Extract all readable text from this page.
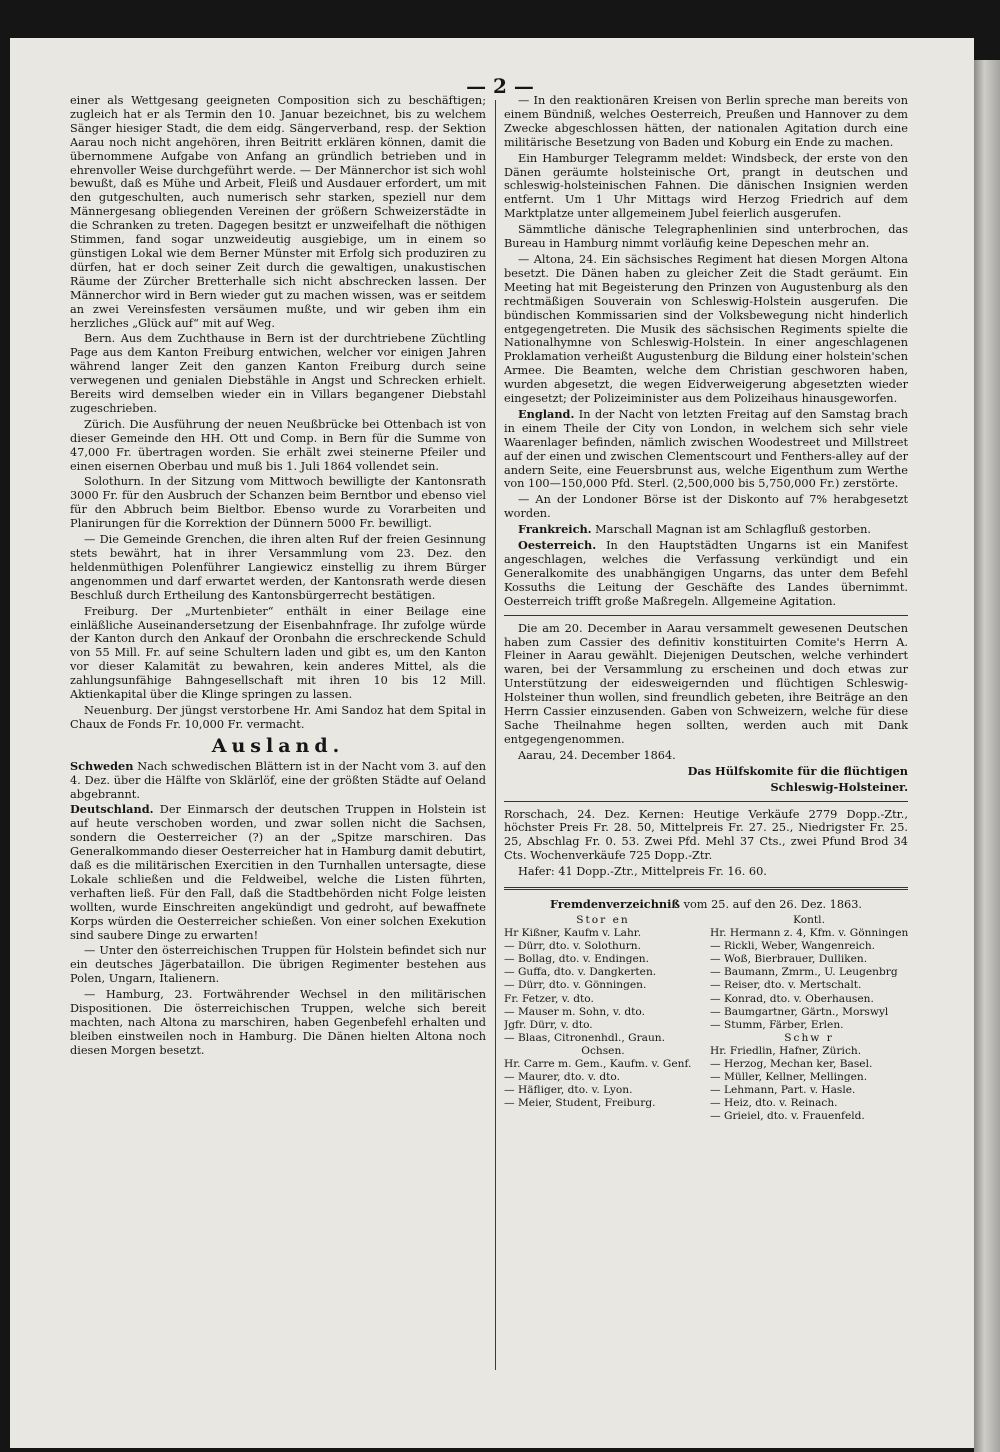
— 2 —

einer als Wettgesang geeigneten Composition sich zu beschäftigen; zugleich hat er als Termin den 10. Januar bezeichnet, bis zu welchem Sänger hiesiger Stadt, die dem eidg. Sängerverband, resp. der Sektion Aarau noch nicht angehören, ihren Beitritt erklären können, damit die übernommene Aufgabe von Anfang an gründlich betrieben und in ehrenvoller Weise durchgeführt werde. — Der Männerchor ist sich wohl bewußt, daß es Mühe und Arbeit, Fleiß und Ausdauer erfordert, um mit den gutgeschulten, auch numerisch sehr starken, speziell nur dem Männergesang obliegenden Vereinen der größern Schweizerstädte in die Schranken zu treten. Dagegen besitzt er unzweifelhaft die nöthigen Stimmen, fand sogar unzweideutig ausgiebige, um in einem so günstigen Lokal wie dem Berner Münster mit Erfolg sich produziren zu dürfen, hat er doch seiner Zeit durch die gewaltigen, unakustischen Räume der Zürcher Bretterhalle sich nicht abschrecken lassen. Der Männerchor wird in Bern wieder gut zu machen wissen, was er seitdem an zwei Vereinsfesten versäumen mußte, und wir geben ihm ein herzliches „Glück auf“ mit auf Weg.

Bern. Aus dem Zuchthause in Bern ist der durchtriebene Züchtling Page aus dem Kanton Freiburg entwichen, welcher vor einigen Jahren während langer Zeit den ganzen Kanton Freiburg durch seine verwegenen und genialen Diebstähle in Angst und Schrecken erhielt. Bereits wird demselben wieder ein in Villars begangener Diebstahl zugeschrieben.

Zürich. Die Ausführung der neuen Neußbrücke bei Ottenbach ist von dieser Gemeinde den HH. Ott und Comp. in Bern für die Summe von 47,000 Fr. übertragen worden. Sie erhält zwei steinerne Pfeiler und einen eisernen Oberbau und muß bis 1. Juli 1864 vollendet sein.

Solothurn. In der Sitzung vom Mittwoch bewilligte der Kantonsrath 3000 Fr. für den Ausbruch der Schanzen beim Berntbor und ebenso viel für den Abbruch beim Bieltbor. Ebenso wurde zu Vorarbeiten und Planirungen für die Korrektion der Dünnern 5000 Fr. bewilligt.

— Die Gemeinde Grenchen, die ihren alten Ruf der freien Gesinnung stets bewährt, hat in ihrer Versammlung vom 23. Dez. den heldenmüthigen Polenführer Langiewicz einstellig zu ihrem Bürger angenommen und darf erwartet werden, der Kantonsrath werde diesen Beschluß durch Ertheilung des Kantonsbürgerrecht bestätigen.

Freiburg. Der „Murtenbieter“ enthält in einer Beilage eine einläßliche Auseinandersetzung der Eisenbahnfrage. Ihr zufolge würde der Kanton durch den Ankauf der Oronbahn die erschreckende Schuld von 55 Mill. Fr. auf seine Schultern laden und gibt es, um den Kanton vor dieser Kalamität zu bewahren, kein anderes Mittel, als die zahlungsunfähige Bahngesellschaft mit ihren 10 bis 12 Mill. Aktienkapital über die Klinge springen zu lassen.

Neuenburg. Der jüngst verstorbene Hr. Ami Sandoz hat dem Spital in Chaux de Fonds Fr. 10,000 Fr. vermacht.

Ausland.

Schweden Nach schwedischen Blättern ist in der Nacht vom 3. auf den 4. Dez. über die Hälfte von Sklärlöf, eine der größten Städte auf Oeland abgebrannt.

Deutschland. Der Einmarsch der deutschen Truppen in Holstein ist auf heute verschoben worden, und zwar sollen nicht die Sachsen, sondern die Oesterreicher (?) an der „Spitze marschiren. Das Generalkommando dieser Oesterreicher hat in Hamburg damit debutirt, daß es die militärischen Exercitien in den Turnhallen untersagte, diese Lokale schließen und die Feldweibel, welche die Listen führten, verhaften ließ. Für den Fall, daß die Stadtbehörden nicht Folge leisten wollten, wurde Einschreiten angekündigt und gedroht, auf bewaffnete Korps würden die Oesterreicher schießen. Von einer solchen Exekution sind saubere Dinge zu erwarten!

— Unter den österreichischen Truppen für Holstein befindet sich nur ein deutsches Jägerbataillon. Die übrigen Regimenter bestehen aus Polen, Ungarn, Italienern.

— Hamburg, 23. Fortwährender Wechsel in den militärischen Dispositionen. Die österreichischen Truppen, welche sich bereit machten, nach Altona zu marschiren, haben Gegenbefehl erhalten und bleiben einstweilen noch in Hamburg. Die Dänen hielten Altona noch diesen Morgen besetzt.

— In den reaktionären Kreisen von Berlin spreche man bereits von einem Bündniß, welches Oesterreich, Preußen und Hannover zu dem Zwecke abgeschlossen hätten, der nationalen Agitation durch eine militärische Besetzung von Baden und Koburg ein Ende zu machen.

Ein Hamburger Telegramm meldet: Windsbeck, der erste von den Dänen geräumte holsteinische Ort, prangt in deutschen und schleswig-holsteinischen Fahnen. Die dänischen Insignien werden entfernt. Um 1 Uhr Mittags wird Herzog Friedrich auf dem Marktplatze unter allgemeinem Jubel feierlich ausgerufen.

Sämmtliche dänische Telegraphenlinien sind unterbrochen, das Bureau in Hamburg nimmt vorläufig keine Depeschen mehr an.

— Altona, 24. Ein sächsisches Regiment hat diesen Morgen Altona besetzt. Die Dänen haben zu gleicher Zeit die Stadt geräumt. Ein Meeting hat mit Begeisterung den Prinzen von Augustenburg als den rechtmäßigen Souverain von Schleswig-Holstein ausgerufen. Die bündischen Kommissarien sind der Volksbewegung nicht hinderlich entgegengetreten. Die Musik des sächsischen Regiments spielte die Nationalhymne von Schleswig-Holstein. In einer angeschlagenen Proklamation verheißt Augustenburg die Bildung einer holstein'schen Armee. Die Beamten, welche dem Christian geschworen haben, wurden abgesetzt, die wegen Eidverweigerung abgesetzten wieder eingesetzt; der Polizeiminister aus dem Polizeihaus hinausgeworfen.

England. In der Nacht von letzten Freitag auf den Samstag brach in einem Theile der City von London, in welchem sich sehr viele Waarenlager befinden, nämlich zwischen Woodestreet und Millstreet auf der einen und zwischen Clementscourt und Fenthers-alley auf der andern Seite, eine Feuersbrunst aus, welche Eigenthum zum Werthe von 100—150,000 Pfd. Sterl. (2,500,000 bis 5,750,000 Fr.) zerstörte.

— An der Londoner Börse ist der Diskonto auf 7% herabgesetzt worden.

Frankreich. Marschall Magnan ist am Schlagfluß gestorben.

Oesterreich. In den Hauptstädten Ungarns ist ein Manifest angeschlagen, welches die Verfassung verkündigt und ein Generalkomite des unabhängigen Ungarns, das unter dem Befehl Kossuths die Leitung der Geschäfte des Landes übernimmt. Oesterreich trifft große Maßregeln. Allgemeine Agitation.

Die am 20. December in Aarau versammelt gewesenen Deutschen haben zum Cassier des definitiv konstituirten Comite's Herrn A. Fleiner in Aarau gewählt. Diejenigen Deutschen, welche verhindert waren, bei der Versammlung zu erscheinen und doch etwas zur Unterstützung der eidesweigernden und flüchtigen Schleswig-Holsteiner thun wollen, sind freundlich gebeten, ihre Beiträge an den Herrn Cassier einzusenden. Gaben von Schweizern, welche für diese Sache Theilnahme hegen sollten, werden auch mit Dank entgegengenommen.

Aarau, 24. December 1864.

Das Hülfskomite für die flüchtigen
Schleswig-Holsteiner.

Rorschach, 24. Dez. Kernen: Heutige Verkäufe 2779 Dopp.-Ztr., höchster Preis Fr. 28. 50, Mittelpreis Fr. 27. 25., Niedrigster Fr. 25. 25, Abschlag Fr. 0. 53. Zwei Pfd. Mehl 37 Cts., zwei Pfund Brod 34 Cts. Wochenverkäufe 725 Dopp.-Ztr.

Hafer: 41 Dopp.-Ztr., Mittelpreis Fr. 16. 60.

Fremdenverzeichniß vom 25. auf den 26. Dez. 1863.
Stor en
Hr Kißner, Kaufm v. Lahr.
— Dürr, dto. v. Solothurn.
— Bollag, dto. v. Endingen.
— Guffa, dto. v. Dangkerten.
— Dürr, dto. v. Gönningen.
Fr. Fetzer, v. dto.
— Mauser m. Sohn, v. dto.
Jgfr. Dürr, v. dto.
— Blaas, Citronenhdl., Graun.
Ochsen.
Hr. Carre m. Gem., Kaufm. v. Genf.
— Maurer, dto. v. dto.
— Häfliger, dto. v. Lyon.
— Meier, Student, Freiburg.
Kontl.
Hr. Hermann z. 4, Kfm. v. Gönningen
— Rickli, Weber, Wangenreich.
— Woß, Bierbrauer, Dulliken.
— Baumann, Zmrm., U. Leugenbrg
— Reiser, dto. v. Mertschalt.
— Konrad, dto. v. Oberhausen.
— Baumgartner, Gärtn., Morswyl
— Stumm, Färber, Erlen.
Schw r
Hr. Friedlin, Hafner, Zürich.
— Herzog, Mechan ker, Basel.
— Müller, Kellner, Mellingen.
— Lehmann, Part. v. Hasle.
— Heiz, dto. v. Reinach.
— Grieiel, dto. v. Frauenfeld.
